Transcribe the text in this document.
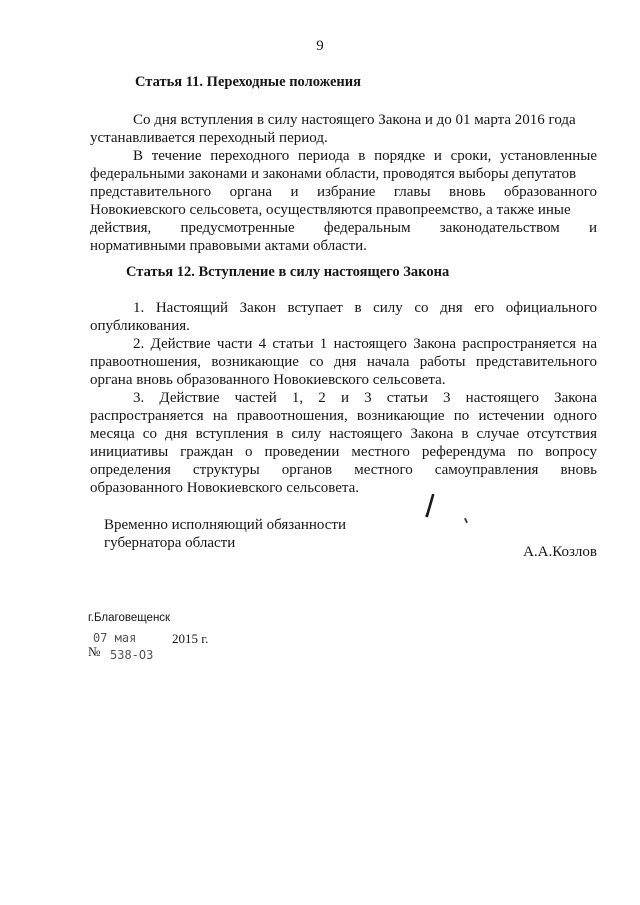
9
Статья 11. Переходные положения
Со дня вступления в силу настоящего Закона и до 01 марта 2016 года
устанавливается переходный период.
В течение переходного периода в порядке и сроки, установленные
федеральными законами и законами области, проводятся выборы депутатов
представительного органа и избрание главы вновь образованного
Новокиевского сельсовета, осуществляются правопреемство, а также иные
действия, предусмотренные федеральным законодательством и
нормативными правовыми актами области.
Статья 12. Вступление в силу настоящего Закона
1. Настоящий Закон вступает в силу со дня его официального
опубликования.
2. Действие части 4 статьи 1 настоящего Закона распространяется на
правоотношения, возникающие со дня начала работы представительного
органа вновь образованного Новокиевского сельсовета.
3. Действие частей 1, 2 и 3 статьи 3 настоящего Закона
распространяется на правоотношения, возникающие по истечении одного
месяца со дня вступления в силу настоящего Закона в случае отсутствия
инициативы граждан о проведении местного референдума по вопросу
определения структуры органов местного самоуправления вновь
образованного Новокиевского сельсовета.
Временно исполняющий обязанности
губернатора области
А.А.Козлов
г.Благовещенск
07 мая	2015 г.
№ 538-ОЗ
